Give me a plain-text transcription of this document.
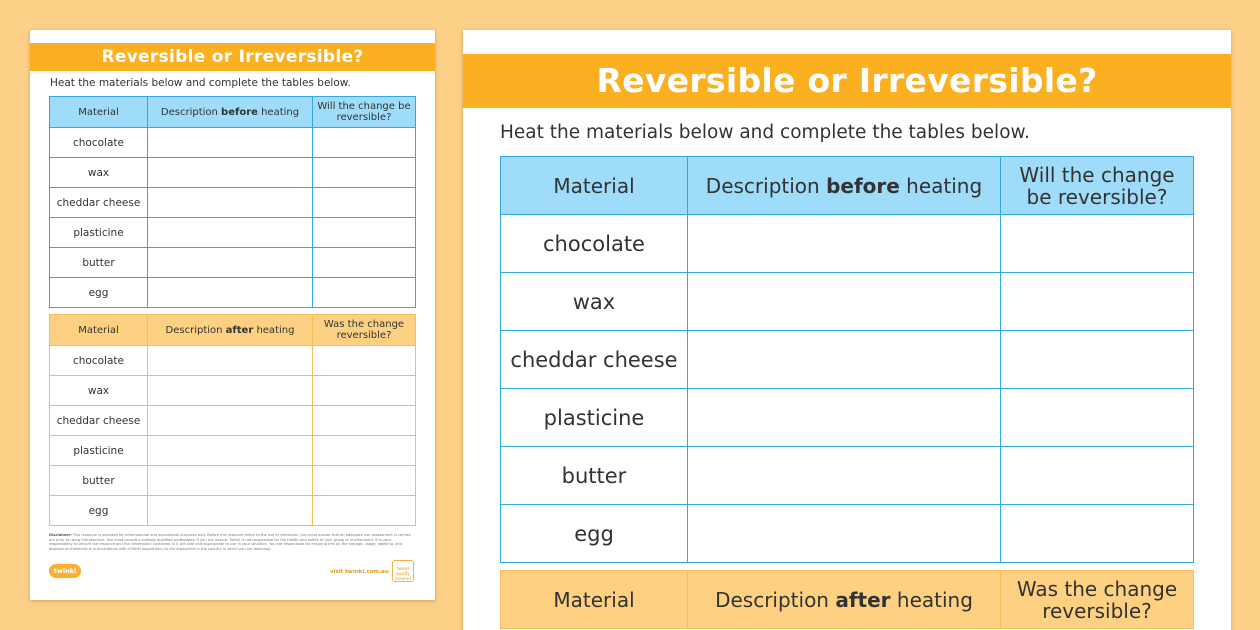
Reversible or Irreversible?
Heat the materials below and complete the tables below.
Material	Description before heating	Will the change be reversible?
chocolate		
wax		
cheddar cheese		
plasticine		
butter		
egg		
Material	Description after heating	Was the change reversible?
chocolate		
wax		
cheddar cheese		
plasticine		
butter		
egg		
Disclaimer: This resource is provided for informational and educational purposes only. Before this resource refers to the use of chemicals, you must ensure that an adequate risk assessment is carried out prior to using this resource. You must consult a suitably qualified professional if you are unsure. Twinkl is not responsible for the health and safety of your group or environment. It is your responsibility to ensure the resource and the information contained in it are safe and appropriate to use in your situation. You are responsible for ensuring info on the storage, usage, labelling, and disposal of chemicals is in accordance with COSHH regulations (or the equivalent in the country in which you are teaching).
twinkl	visit twinkl.com.au
twinkl quality assured
Reversible or Irreversible?
Heat the materials below and complete the tables below.
Material	Description before heating	Will the change be reversible?
chocolate		
wax		
cheddar cheese		
plasticine		
butter		
egg		
Material	Description after heating	Was the change reversible?
